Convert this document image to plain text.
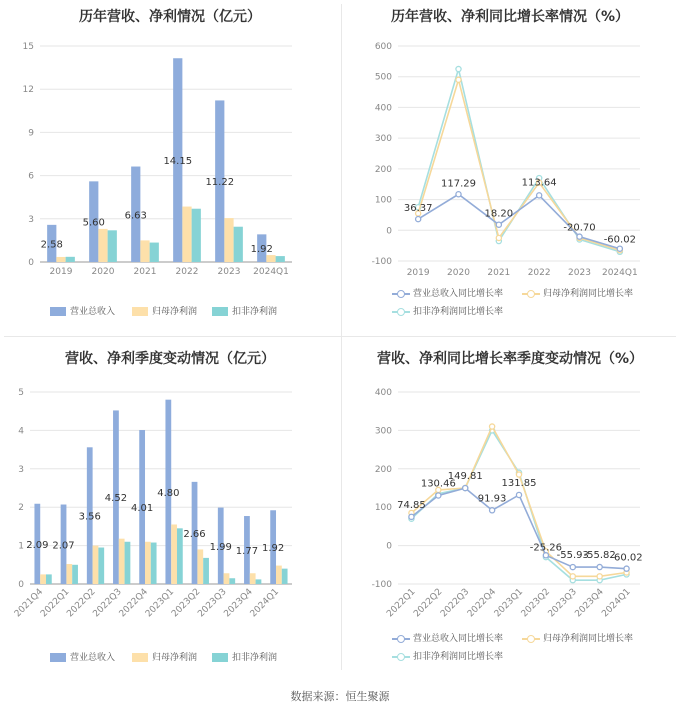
历年营收、净利情况（亿元）
0
3
6
9
12
15
2.58
2019
5.60
2020
6.63
2021
14.15
2022
11.22
2023
1.92
2024Q1
营业总收入	归母净利润	扣非净利润
历年营收、净利同比增长率情况（%）
-100
0
100
200
300
400
500
600
2019 2020 2021 2022 2023 2024Q1
36.37
117.29
18.20
113.64
-20.70
-60.02
营业总收入同比增长率	归母净利润同比增长率
扣非净利润同比增长率
营收、净利季度变动情况（亿元）
0
1
2
3
4
5
2.09
2021Q4
2.07
2022Q1
3.56
2022Q2
4.52
2022Q3
4.01
2022Q4
4.80
2023Q1
2.66
2023Q2
1.99
2023Q3
1.77
2023Q4
1.92
2024Q1
营业总收入	归母净利润	扣非净利润
营收、净利同比增长率季度变动情况（%）
-100
0
100
200
300
400
2022Q1
2022Q2
2022Q3
2022Q4
2023Q1
2023Q2
2023Q3
2023Q4
2024Q1
74.85
130.46
149.81
91.93
131.85
-25.26
-55.93
-55.82
-60.02
营业总收入同比增长率	归母净利润同比增长率
扣非净利润同比增长率
数据来源：恒生聚源
